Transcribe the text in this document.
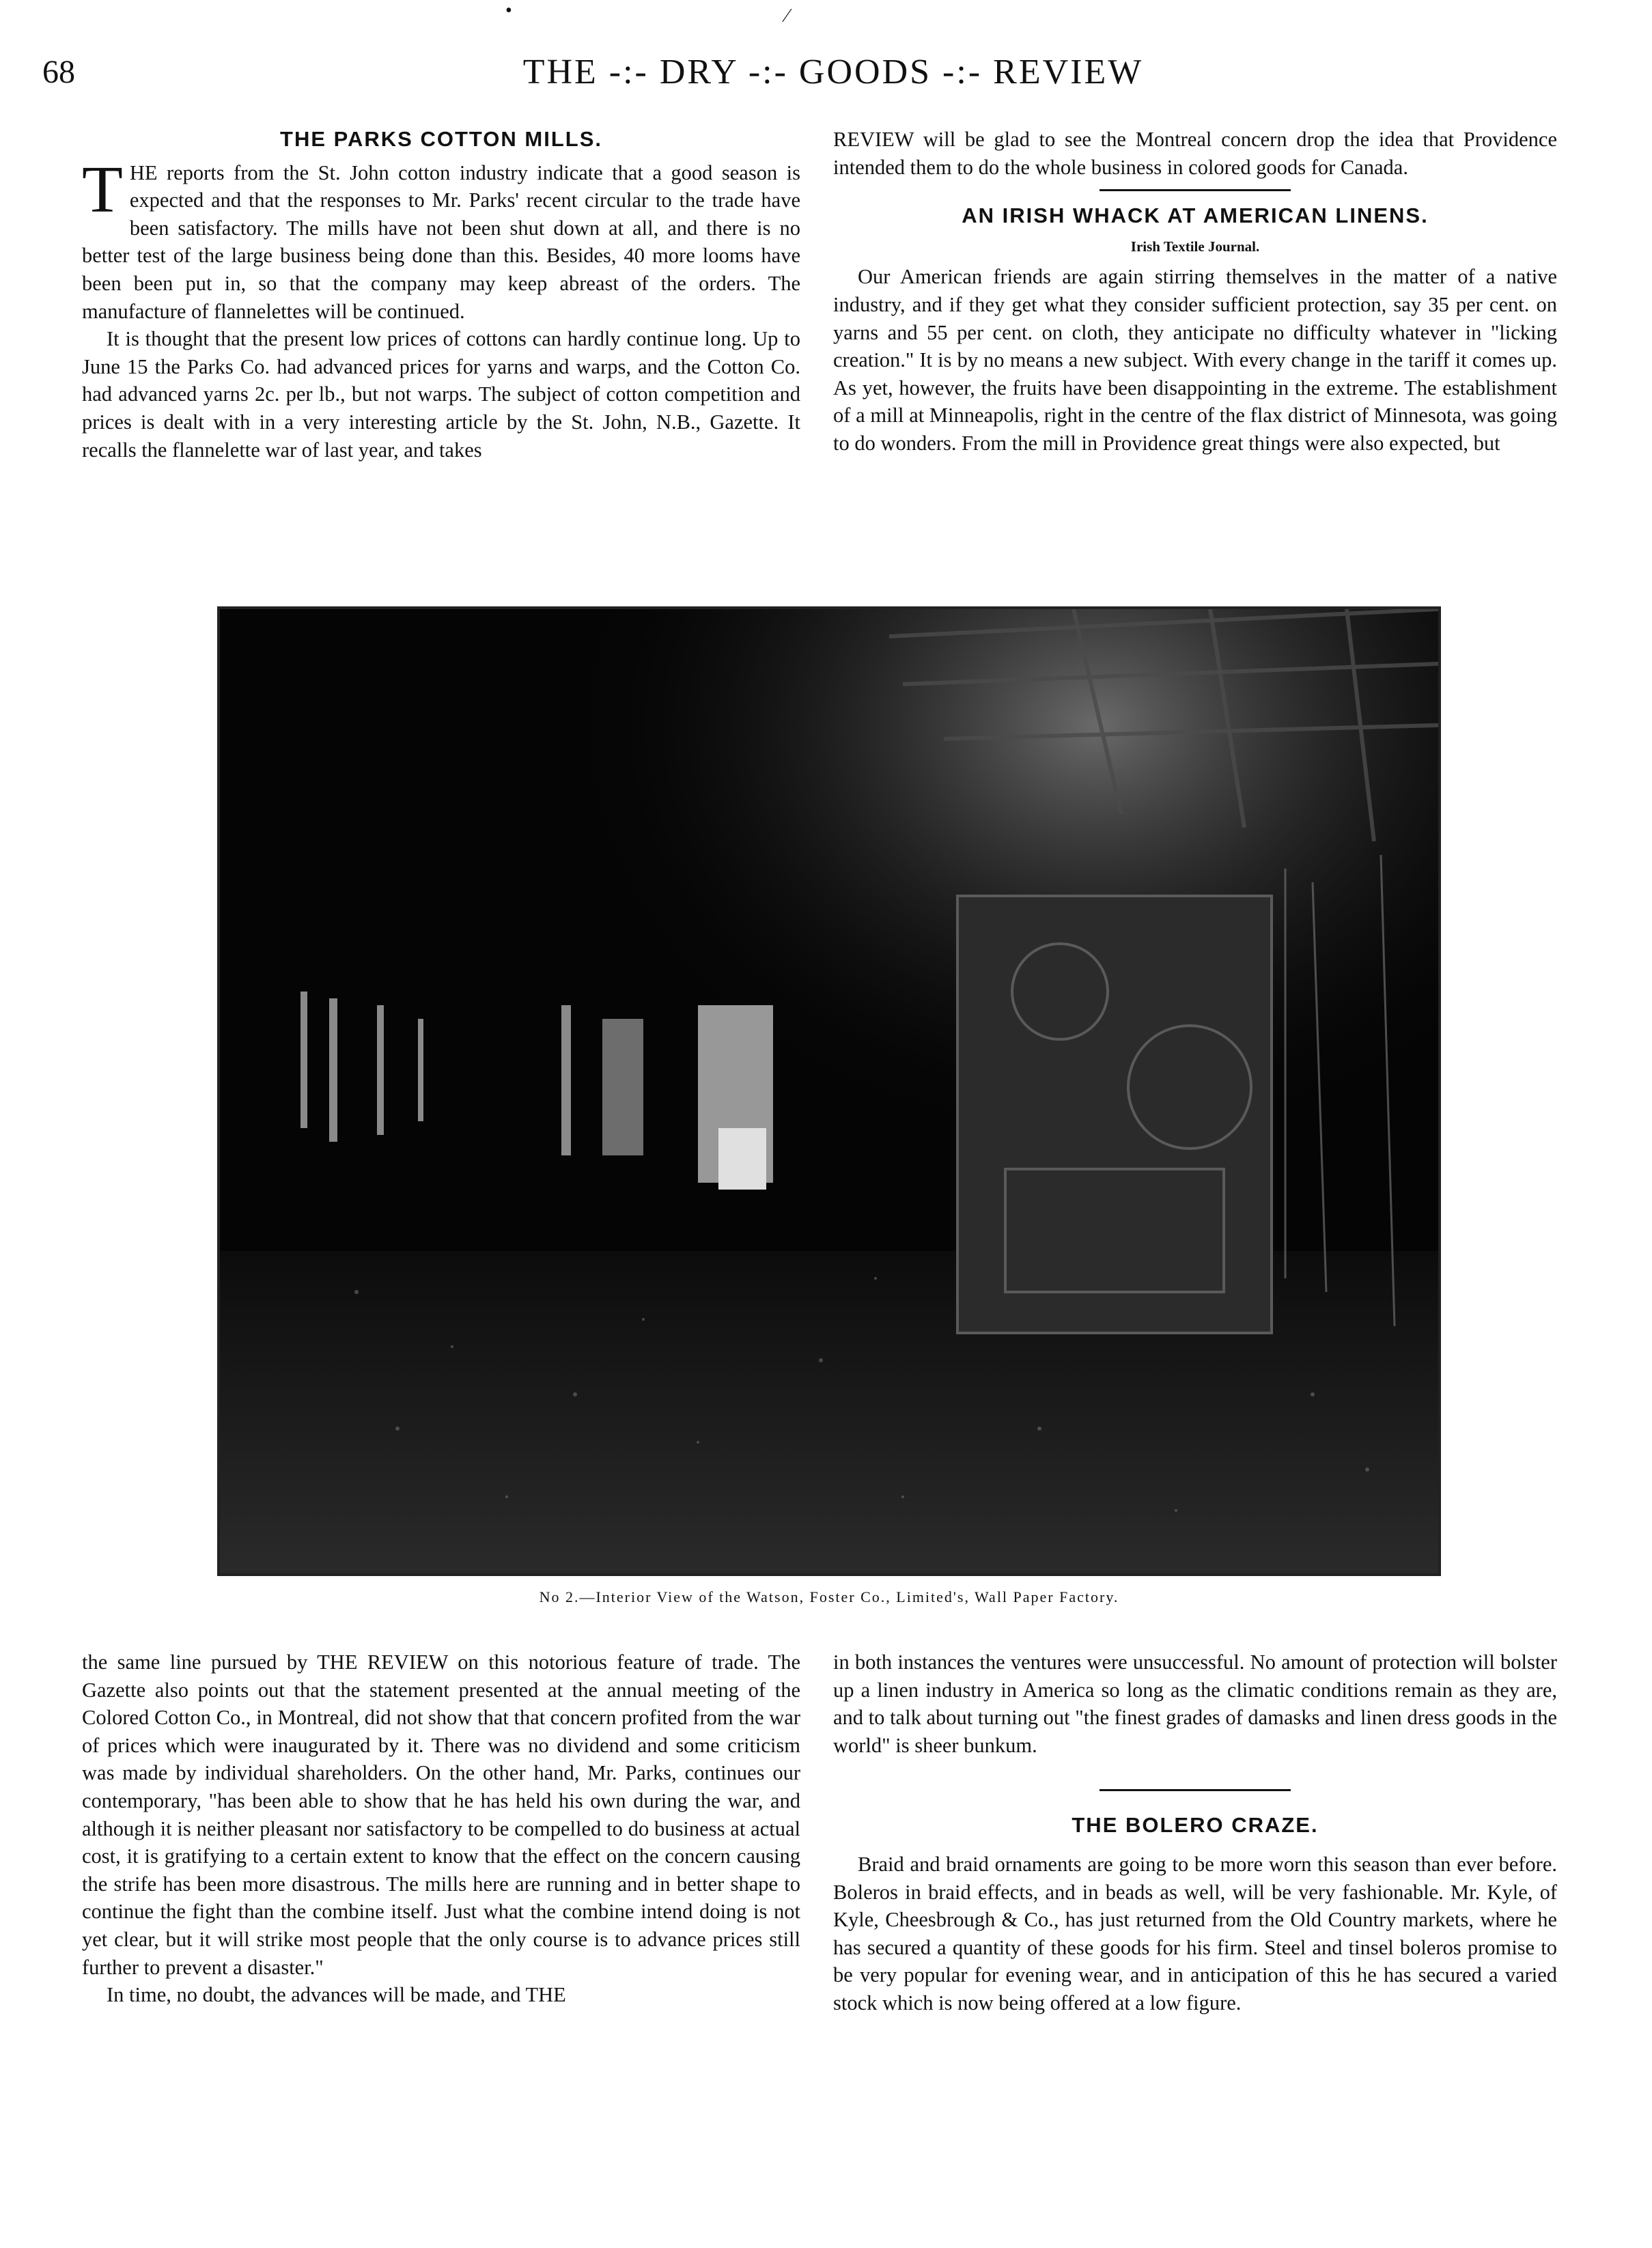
68	THE -:- DRY -:- GOODS -:- REVIEW
•	⁄
THE PARKS COTTON MILLS.

THE reports from the St. John cotton industry indicate that a good season is expected and that the responses to Mr. Parks' recent circular to the trade have been satisfactory. The mills have not been shut down at all, and there is no better test of the large business being done than this. Besides, 40 more looms have been been put in, so that the company may keep abreast of the orders. The manufacture of flannelettes will be continued.

It is thought that the present low prices of cottons can hardly continue long. Up to June 15 the Parks Co. had advanced prices for yarns and warps, and the Cotton Co. had advanced yarns 2c. per lb., but not warps. The subject of cotton competition and prices is dealt with in a very interesting article by the St. John, N.B., Gazette. It recalls the flannelette war of last year, and takes

REVIEW will be glad to see the Montreal concern drop the idea that Providence intended them to do the whole business in colored goods for Canada.

AN IRISH WHACK AT AMERICAN LINENS.
Irish Textile Journal.

Our American friends are again stirring themselves in the matter of a native industry, and if they get what they consider sufficient protection, say 35 per cent. on yarns and 55 per cent. on cloth, they anticipate no difficulty whatever in "licking creation." It is by no means a new subject. With every change in the tariff it comes up. As yet, however, the fruits have been disappointing in the extreme. The establishment of a mill at Minneapolis, right in the centre of the flax district of Minnesota, was going to do wonders. From the mill in Providence great things were also expected, but

No 2.—Interior View of the Watson, Foster Co., Limited's, Wall Paper Factory.

the same line pursued by THE REVIEW on this notorious feature of trade. The Gazette also points out that the statement presented at the annual meeting of the Colored Cotton Co., in Montreal, did not show that that concern profited from the war of prices which were inaugurated by it. There was no dividend and some criticism was made by individual shareholders. On the other hand, Mr. Parks, continues our contemporary, "has been able to show that he has held his own during the war, and although it is neither pleasant nor satisfactory to be compelled to do business at actual cost, it is gratifying to a certain extent to know that the effect on the concern causing the strife has been more disastrous. The mills here are running and in better shape to continue the fight than the combine itself. Just what the combine intend doing is not yet clear, but it will strike most people that the only course is to advance prices still further to prevent a disaster."

In time, no doubt, the advances will be made, and THE

in both instances the ventures were unsuccessful. No amount of protection will bolster up a linen industry in America so long as the climatic conditions remain as they are, and to talk about turning out "the finest grades of damasks and linen dress goods in the world" is sheer bunkum.

THE BOLERO CRAZE.

Braid and braid ornaments are going to be more worn this season than ever before. Boleros in braid effects, and in beads as well, will be very fashionable. Mr. Kyle, of Kyle, Cheesbrough & Co., has just returned from the Old Country markets, where he has secured a quantity of these goods for his firm. Steel and tinsel boleros promise to be very popular for evening wear, and in anticipation of this he has secured a varied stock which is now being offered at a low figure.
